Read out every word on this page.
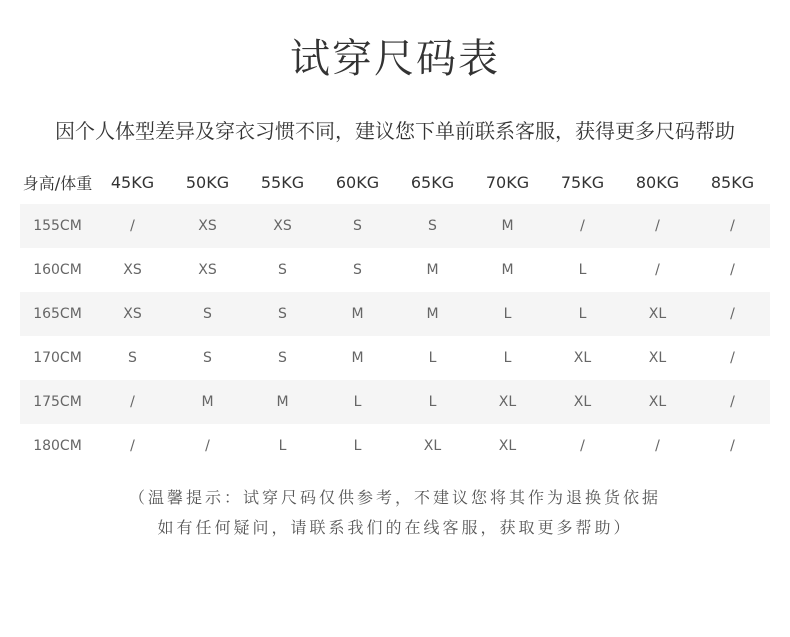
试穿尺码表
因个人体型差异及穿衣习惯不同，建议您下单前联系客服，获得更多尺码帮助
身高/体重	45KG	50KG	55KG	60KG	65KG	70KG	75KG	80KG	85KG
155CM	/	XS	XS	S	S	M	/	/	/
160CM	XS	XS	S	S	M	M	L	/	/
165CM	XS	S	S	M	M	L	L	XL	/
170CM	S	S	S	M	L	L	XL	XL	/
175CM	/	M	M	L	L	XL	XL	XL	/
180CM	/	/	L	L	XL	XL	/	/	/
（温馨提示：试穿尺码仅供参考，不建议您将其作为退换货依据
如有任何疑问，请联系我们的在线客服，获取更多帮助）
